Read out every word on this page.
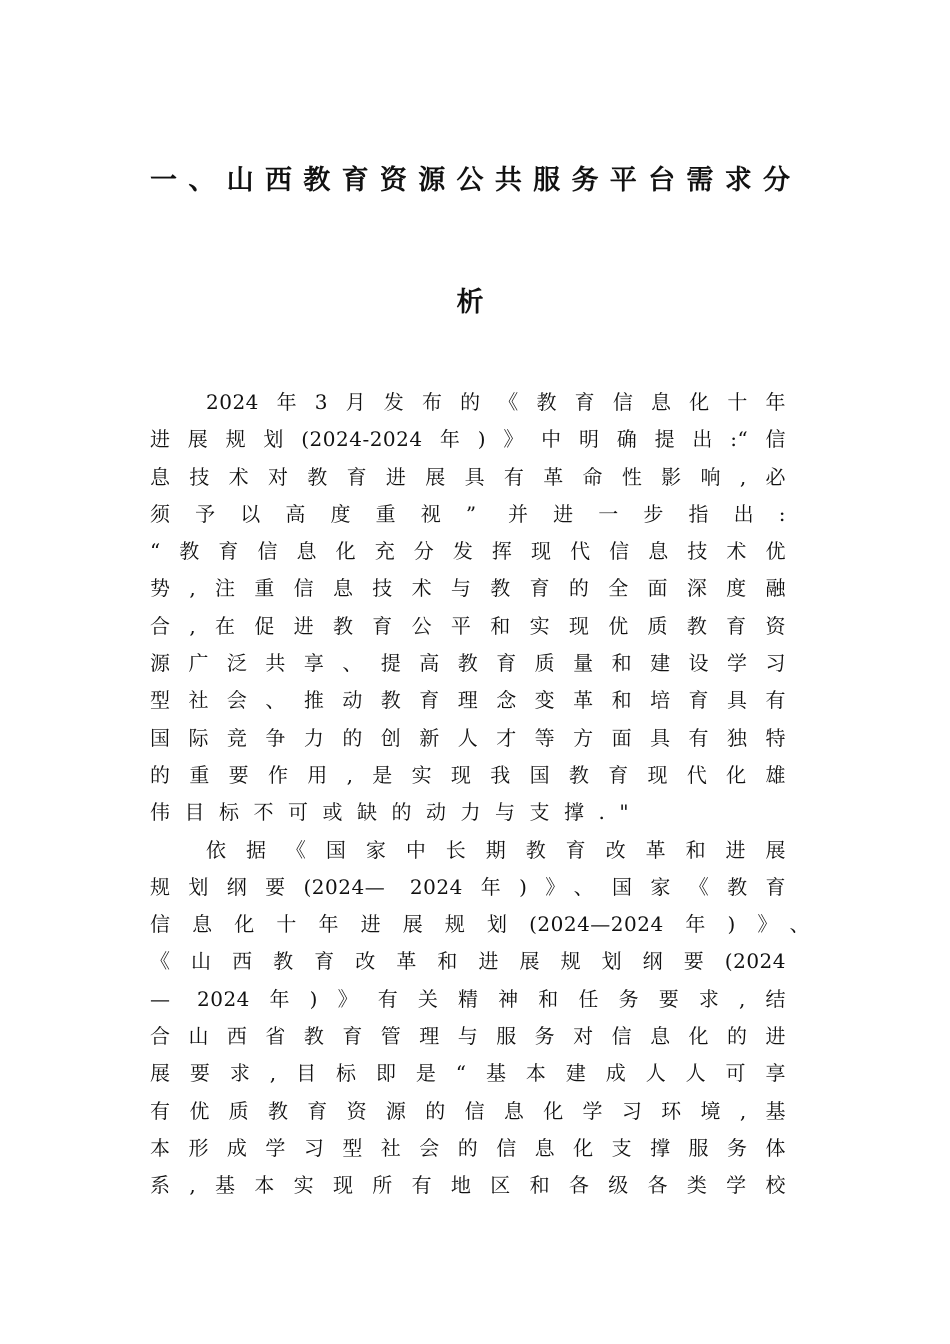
一 、 山 西 教 育 资 源 公 共 服 务 平 台 需 求 分
析
2024年3月发布的《教育信息化十年
进展规划(2024-2024年)》中明确提出:“信
息技术对教育进展具有革命性影响,必
须予以高度重视” 并进一步指出:
“教育信息化充分发挥现代信息技术优
势,注重信息技术与教育的全面深度融
合,在促进教育公平和实现优质教育资
源广泛共享、提高教育质量和建设学习
型社会、推动教育理念变革和培育具有
国际竞争力的创新人才等方面具有独特
的重要作用,是实现我国教育现代化雄
伟目标不可或缺的动力与支撑."
依据《国家中长期教育改革和进展
规划纲要(2024— 2024年)》、国家《教育
信息化十年进展规划(2024—2024年)》、
《山西教育改革和进展规划纲要(2024
— 2024年)》有关精神和任务要求,结
合山西省教育管理与服务对信息化的进
展要求,目标即是“基本建成人人可享
有优质教育资源的信息化学习环境,基
本形成学习型社会的信息化支撑服务体
系,基本实现所有地区和各级各类学校
